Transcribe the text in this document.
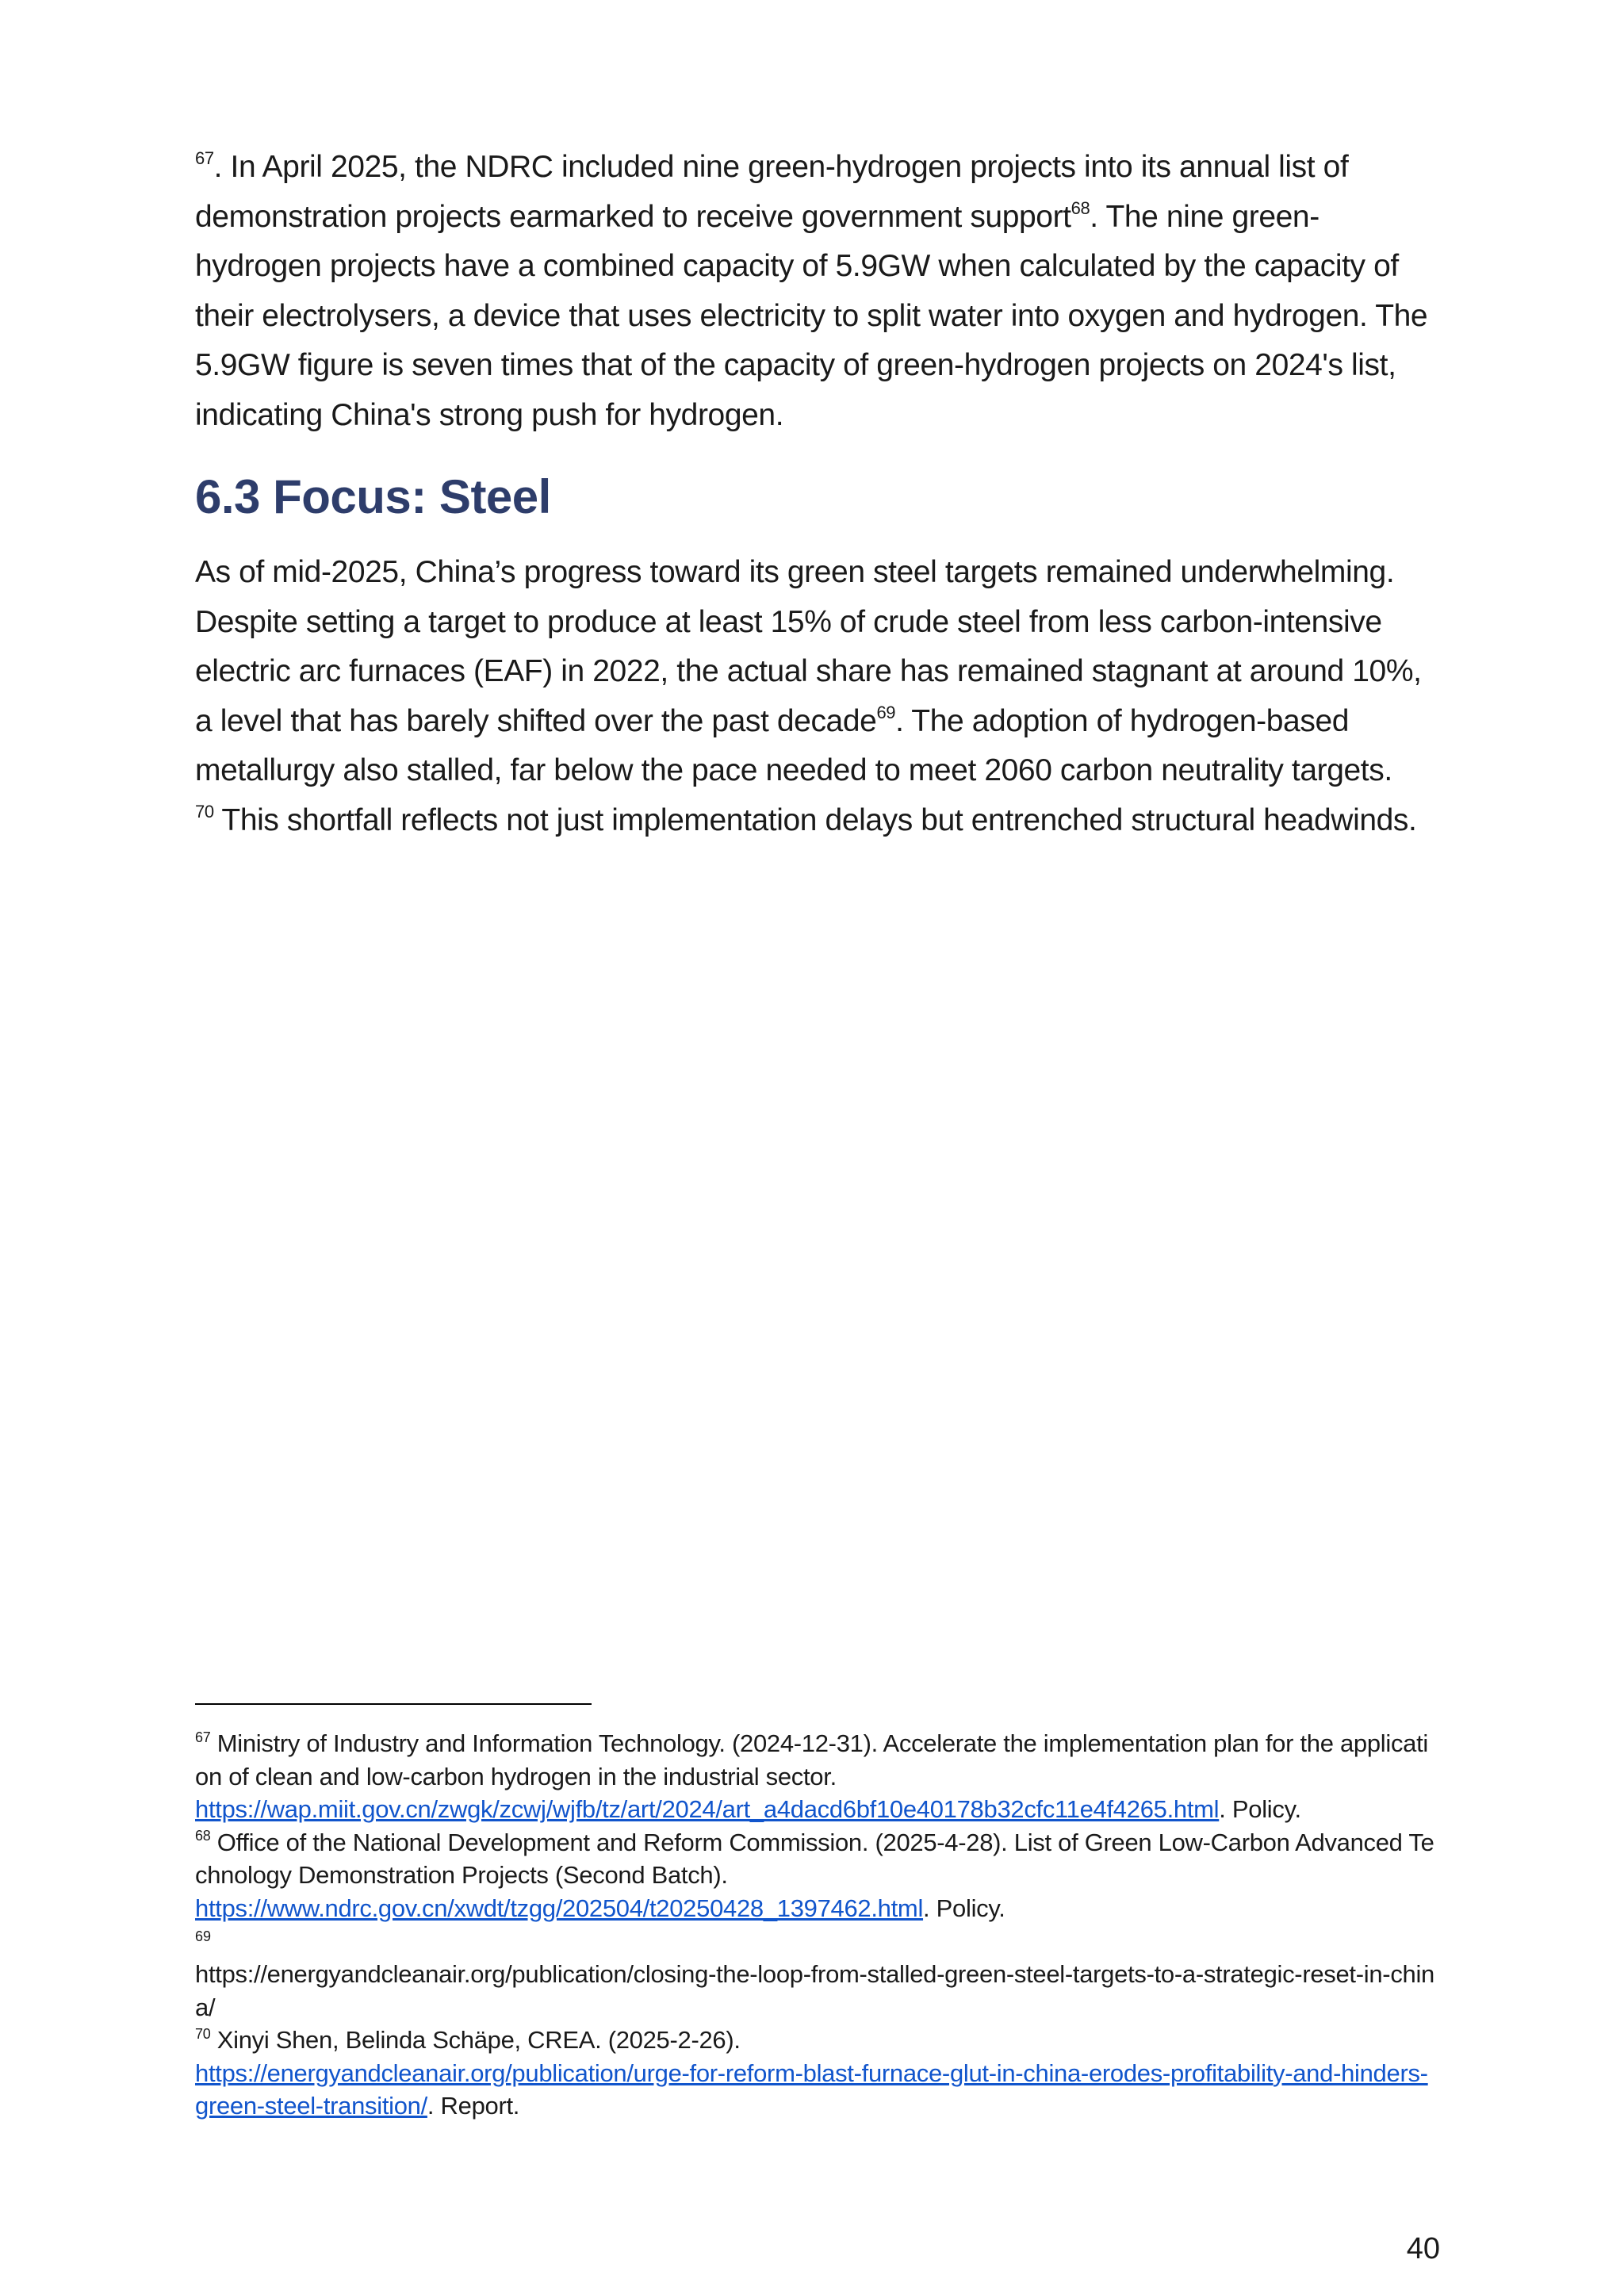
$^{67}$. In April 2025, the NDRC included nine green-hydrogen projects into its annual list of demonstration projects earmarked to receive government support$^{68}$. The nine green-hydrogen projects have a combined capacity of 5.9GW when calculated by the capacity of their electrolysers, a device that uses electricity to split water into oxygen and hydrogen. The 5.9GW figure is seven times that of the capacity of green-hydrogen projects on 2024's list, indicating China's strong push for hydrogen.

6.3 Focus: Steel

As of mid-2025, China’s progress toward its green steel targets remained underwhelming. Despite setting a target to produce at least 15% of crude steel from less carbon-intensive electric arc furnaces (EAF) in 2022, the actual share has remained stagnant at around 10%, a level that has barely shifted over the past decade$^{69}$. The adoption of hydrogen-based metallurgy also stalled, far below the pace needed to meet 2060 carbon neutrality targets.
$^{70}$ This shortfall reflects not just implementation delays but entrenched structural headwinds.

$^{67}$ Ministry of Industry and Information Technology. (2024-12-31). Accelerate the implementation plan for the application of clean and low-carbon hydrogen in the industrial sector.
https://wap.miit.gov.cn/zwgk/zcwj/wjfb/tz/art/2024/art_a4dacd6bf10e40178b32cfc11e4f4265.html. Policy.

$^{68}$ Office of the National Development and Reform Commission. (2025-4-28). List of Green Low-Carbon Advanced Technology Demonstration Projects (Second Batch).
https://www.ndrc.gov.cn/xwdt/tzgg/202504/t20250428_1397462.html. Policy.

69

https://energyandcleanair.org/publication/closing-the-loop-from-stalled-green-steel-targets-to-a-strategic-reset-in-china/

$^{70}$ Xinyi Shen, Belinda Schäpe, CREA. (2025-2-26).
https://energyandcleanair.org/publication/urge-for-reform-blast-furnace-glut-in-china-erodes-profitability-and-hinders-green-steel-transition/. Report.

40
